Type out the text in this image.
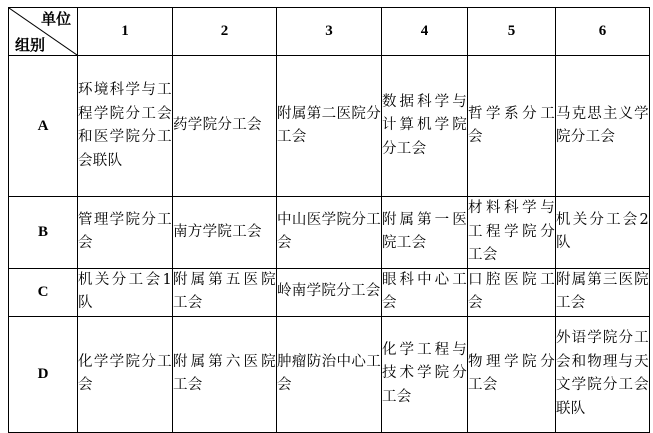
单位
组别	1	2	3	4	5	6
A	环境科学与工程学院分工会和医学院分工会联队	药学院分工会	附属第二医院分工会	数据科学与计算机学院分工会	哲学系分工会	马克思主义学院分工会
B	管理学院分工会	南方学院工会	中山医学院分工会	附属第一医院工会	材料科学与工程学院分工会	机关分工会2队
C	机关分工会1队	附属第五医院工会	岭南学院分工会	眼科中心工会	口腔医院工会	附属第三医院工会
D	化学学院分工会	附属第六医院工会	肿瘤防治中心工会	化学工程与技术学院分工会	物理学院分工会	外语学院分工会和物理与天文学院分工会联队
